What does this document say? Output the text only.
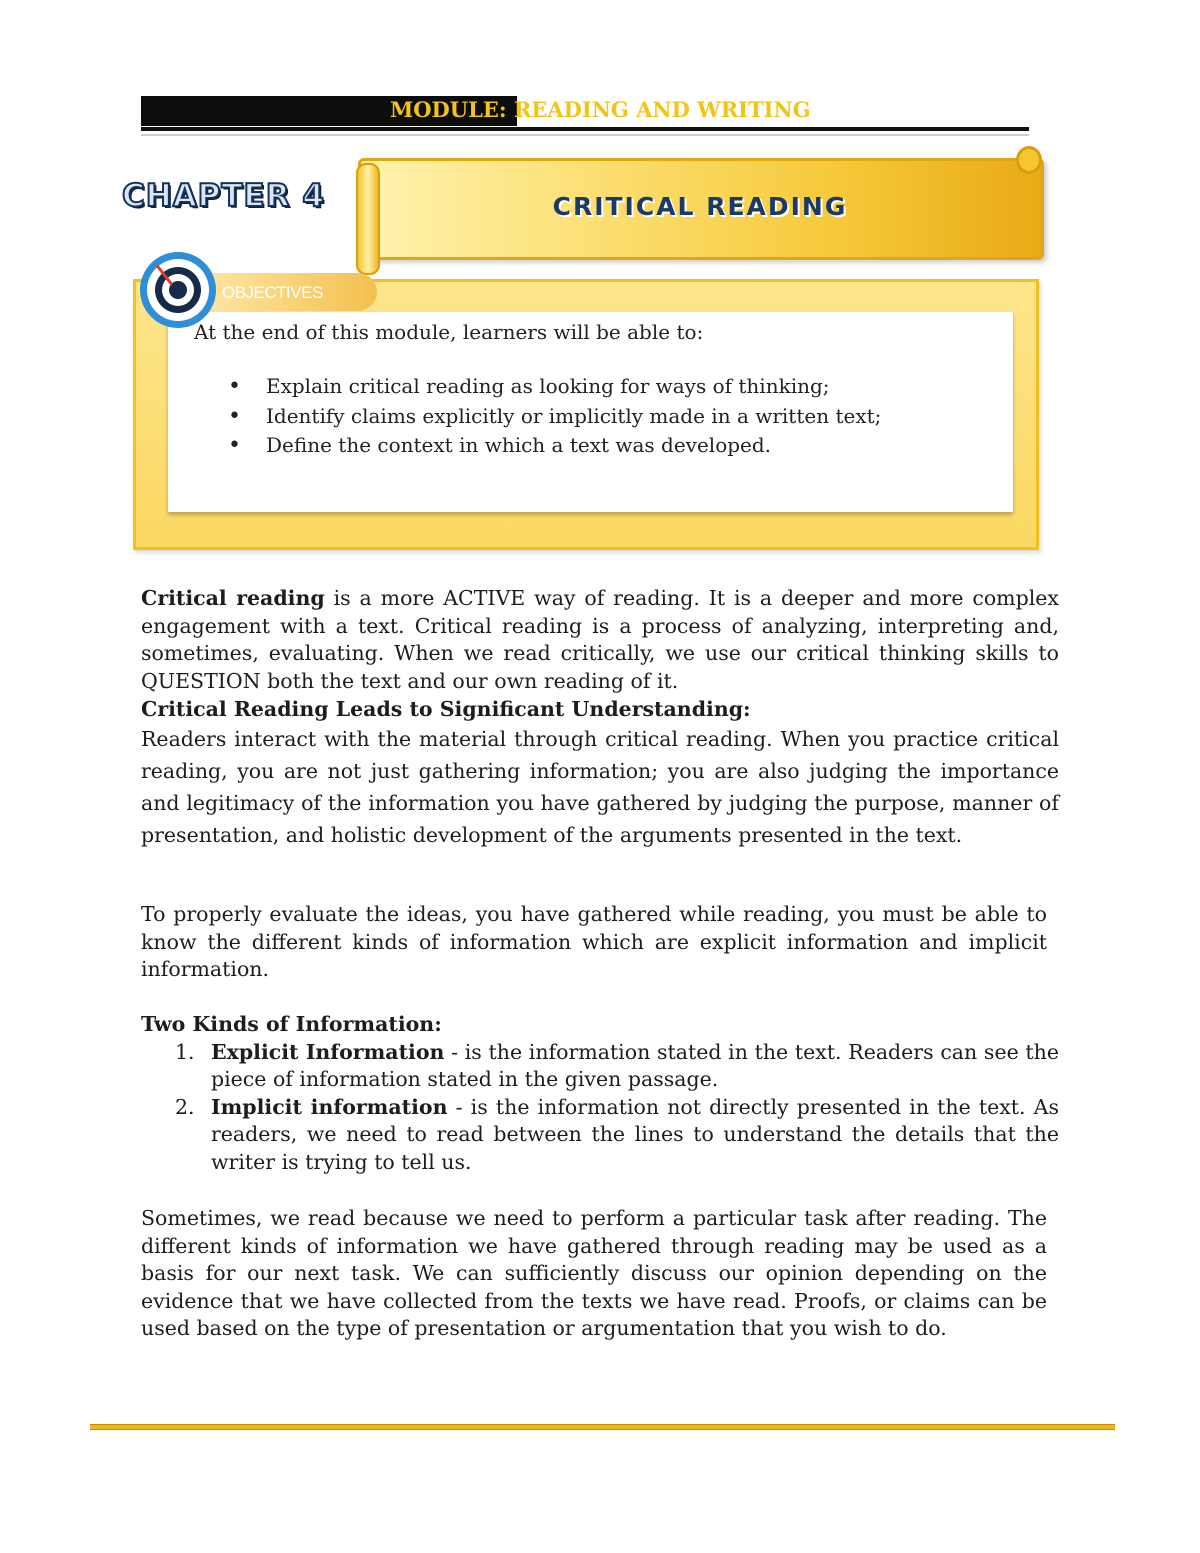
MODULE: READING AND WRITING
CHAPTER 4	CRITICAL READING
OBJECTIVES
At the end of this module, learners will be able to:
• Explain critical reading as looking for ways of thinking;
• Identify claims explicitly or implicitly made in a written text;
• Define the context in which a text was developed.
Critical reading is a more ACTIVE way of reading. It is a deeper and more complex engagement with a text. Critical reading is a process of analyzing, interpreting and, sometimes, evaluating. When we read critically, we use our critical thinking skills to QUESTION both the text and our own reading of it.
Critical Reading Leads to Significant Understanding:
Readers interact with the material through critical reading. When you practice critical reading, you are not just gathering information; you are also judging the importance and legitimacy of the information you have gathered by judging the purpose, manner of presentation, and holistic development of the arguments presented in the text.
To properly evaluate the ideas, you have gathered while reading, you must be able to know the different kinds of information which are explicit information and implicit information.
Two Kinds of Information:
1. Explicit Information - is the information stated in the text. Readers can see the piece of information stated in the given passage.
2. Implicit information - is the information not directly presented in the text. As readers, we need to read between the lines to understand the details that the writer is trying to tell us.
Sometimes, we read because we need to perform a particular task after reading. The different kinds of information we have gathered through reading may be used as a basis for our next task. We can sufficiently discuss our opinion depending on the evidence that we have collected from the texts we have read. Proofs, or claims can be used based on the type of presentation or argumentation that you wish to do.
